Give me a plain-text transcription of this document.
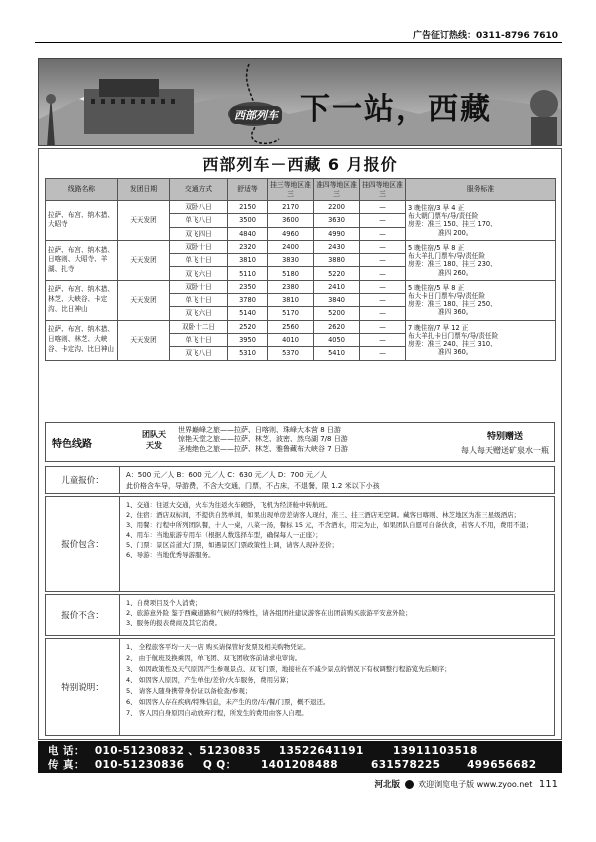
广告征订热线：0311-8796 7610
下一站，西藏
西部列车
西部列车－西藏 6 月报价
线路名称	发团日期	交通方式	舒适等	挂三等地区准三	准四等地区准三	挂四等地区准三	服务标准
拉萨、布宫、纳木措、大昭寺	天天发团	双卧八日	2150	2170	2200	—	3 晚住宿/3 早 4 正
布大朝门票车/导/责任险
房差：准三 150、挂三 170、
准四 200。

		单飞八日	3500	3600	3630	—	
		双飞四日	4840	4960	4990	—	
拉萨、布宫、纳木措、日喀则、大昭寺、羊湖、扎寺	天天发团	双卧十日	2320	2400	2430	—	5 晚住宿/5 早 8 正
布大羊扎门票车/导/责任险
房差：准三 180、挂三 230、
准四 260。

		单飞十日	3810	3830	3880	—	
		双飞六日	5110	5180	5220	—	
拉萨、布宫、纳木措、林芝、大峡谷、卡定沟、比日神山	天天发团	双卧十日	2350	2380	2410	—	5 晚住宿/5 早 8 正
布大卡日门票车/导/责任险
房差：准三 180、挂三 250、
准四 360。

		单飞十日	3780	3810	3840	—	
		双飞六日	5140	5170	5200	—	
拉萨、布宫、纳木措、日喀则、林芝、大峡谷、卡定沟、比日神山	天天发团	双卧十二日	2520	2560	2620	—	7 晚住宿/7 早 12 正
布大羊扎卡日门票车/导/责任险
房差：准三 240、挂三 310、
准四 360。

		单飞十日	3950	4010	4050	—	
		双飞八日	5310	5370	5410	—	
特色线路
团队天天发
世界巅峰之旅——拉萨、日喀则、珠峰大本营 8 日游
惊艳天堂之旅——拉萨、林芝、波密、然乌湖 7/8 日游
圣地绝色之旅——拉萨、林芝、雅鲁藏布大峡谷 7 日游
特别赠送
每人每天赠送矿泉水一瓶
儿童报价：

A：500 元／人 B：600 元／人 C：630 元／人 D：700 元／人

此价格含车导，导游费，不含大交通，门票，不占床，不退餐，限 1.2 米以下小孩

报价包含：

1、交通：往返大交通，火车为往返火车硬卧，飞机为经济舱中转航班。

2、住宿：酒店双标间，不提供自然单间，如果出现单房差请客人现付，准三、挂三酒店无空调。藏客日喀则、林芝地区为准三星级酒店；

3、用餐：行程中所列团队餐，十人一桌，八菜一汤，餐标 15 元，不含酒水，用完为止，如果团队自愿可自备伙食，若客人不用，费用不退；

4、用车：当地旅游专用车（根据人数选择车型，确保每人一正座）；

5、门票：景区首道大门票，如遇景区门票政策性上调，请客人现补差价；

6、导游：当地优秀导游服务。

报价不含：

1、自费项目及个人消费；

2、旅游意外险 鉴于西藏道路和气候的特殊性，请各组团社建议游客在出团前购买旅游平安意外险；

3、服务的报表费商及其它消费。

特别说明：

1、 全程旅客平均一天一店 购买请保管好发票及相关购物凭证。

2、 由于航班及换乘因，单飞团、双飞团收客前请求电审询。

3、 如因政策性及天气原因产生参观景点、双飞门票，地接社在不减少景点的情况下有权调整行程游览先后顺序；

4、 如因客人原因，产生单住/差价/火车服务，费用另算；

5、 请客人随身携带身份证以备检查/参观；

6、 如因客人存在疾病/特殊信息，未产生的房/车/餐/门票，概不退还。

7、 客人因自身原因自动放弃行程，所发生的费用由客人自理。

电 话： 010-51230832 、51230835 13522641191	13911103518
传 真： 010-51230836 Q Q： 1401208488	631578225	499656682
河北版 欢迎浏览电子版 www.zyoo.net 111
